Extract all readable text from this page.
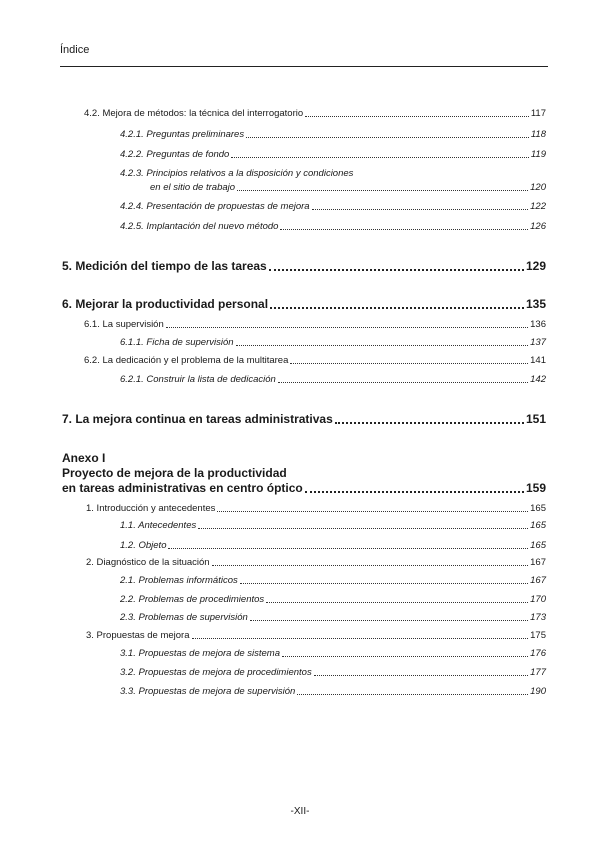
Índice
4.2. Mejora de métodos: la técnica del interrogatorio	117
4.2.1. Preguntas preliminares	118
4.2.2. Preguntas de fondo	119
4.2.3. Principios relativos a la disposición y condiciones
en el sitio de trabajo	120
4.2.4. Presentación de propuestas de mejora	122
4.2.5. Implantación del nuevo método	126
5. Medición del tiempo de las tareas	129
6. Mejorar la productividad personal	135
6.1. La supervisión	136
6.1.1. Ficha de supervisión	137
6.2. La dedicación y el problema de la multitarea	141
6.2.1. Construir la lista de dedicación	142
7. La mejora continua en tareas administrativas	151
Anexo I
Proyecto de mejora de la productividad
en tareas administrativas en centro óptico	159
1. Introducción y antecedentes	165
1.1. Antecedentes	165
1.2. Objeto	165
2. Diagnóstico de la situación	167
2.1. Problemas informáticos	167
2.2. Problemas de procedimientos	170
2.3. Problemas de supervisión	173
3. Propuestas de mejora	175
3.1. Propuestas de mejora de sistema	176
3.2. Propuestas de mejora de procedimientos	177
3.3. Propuestas de mejora de supervisión	190
-XII-
